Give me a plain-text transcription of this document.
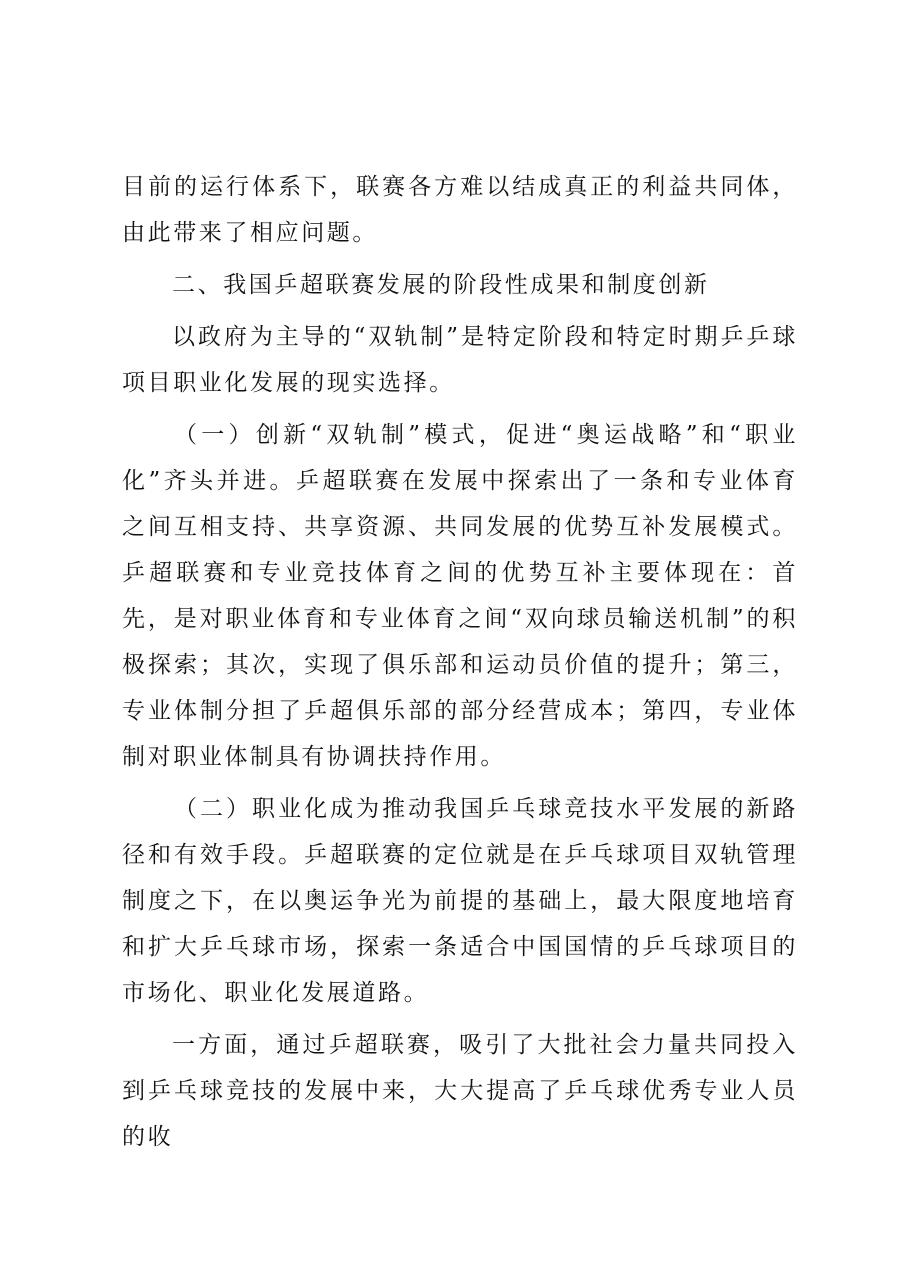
目前的运行体系下，联赛各方难以结成真正的利益共同体，由此带来了相应问题。

二、我国乒超联赛发展的阶段性成果和制度创新

以政府为主导的“双轨制”是特定阶段和特定时期乒乒球项目职业化发展的现实选择。

（一）创新“双轨制”模式，促进“奥运战略”和“职业化”齐头并进。乒超联赛在发展中探索出了一条和专业体育之间互相支持、共享资源、共同发展的优势互补发展模式。乒超联赛和专业竞技体育之间的优势互补主要体现在：首先，是对职业体育和专业体育之间“双向球员输送机制”的积极探索；其次，实现了俱乐部和运动员价值的提升；第三，专业体制分担了乒超俱乐部的部分经营成本；第四，专业体制对职业体制具有协调扶持作用。

（二）职业化成为推动我国乒乓球竞技水平发展的新路径和有效手段。乒超联赛的定位就是在乒乓球项目双轨管理制度之下，在以奥运争光为前提的基础上，最大限度地培育和扩大乒乓球市场，探索一条适合中国国情的乒乓球项目的市场化、职业化发展道路。

一方面，通过乒超联赛，吸引了大批社会力量共同投入到乒乓球竞技的发展中来，大大提高了乒乓球优秀专业人员的收
